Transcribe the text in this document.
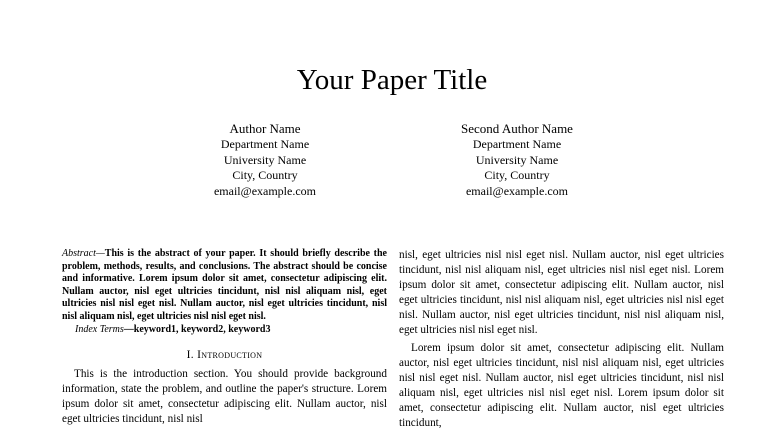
Your Paper Title
Author Name
Department Name
University Name
City, Country
email@example.com
Second Author Name
Department Name
University Name
City, Country
email@example.com
Abstract—This is the abstract of your paper. It should briefly describe the problem, methods, results, and conclusions. The abstract should be concise and informative. Lorem ipsum dolor sit amet, consectetur adipiscing elit. Nullam auctor, nisl eget ultricies tincidunt, nisl nisl aliquam nisl, eget ultricies nisl nisl eget nisl. Nullam auctor, nisl eget ultricies tincidunt, nisl nisl aliquam nisl, eget ultricies nisl nisl eget nisl.
Index Terms—keyword1, keyword2, keyword3
I. Introduction

This is the introduction section. You should provide background information, state the problem, and outline the paper's structure. Lorem ipsum dolor sit amet, consectetur adipiscing elit. Nullam auctor, nisl eget ultricies tincidunt, nisl nisl

nisl, eget ultricies nisl nisl eget nisl. Nullam auctor, nisl eget ultricies tincidunt, nisl nisl aliquam nisl, eget ultricies nisl nisl eget nisl. Lorem ipsum dolor sit amet, consectetur adipiscing elit. Nullam auctor, nisl eget ultricies tincidunt, nisl nisl aliquam nisl, eget ultricies nisl nisl eget nisl. Nullam auctor, nisl eget ultricies tincidunt, nisl nisl aliquam nisl, eget ultricies nisl nisl eget nisl.

Lorem ipsum dolor sit amet, consectetur adipiscing elit. Nullam auctor, nisl eget ultricies tincidunt, nisl nisl aliquam nisl, eget ultricies nisl nisl eget nisl. Nullam auctor, nisl eget ultricies tincidunt, nisl nisl aliquam nisl, eget ultricies nisl nisl eget nisl. Lorem ipsum dolor sit amet, consectetur adipiscing elit. Nullam auctor, nisl eget ultricies tincidunt,
